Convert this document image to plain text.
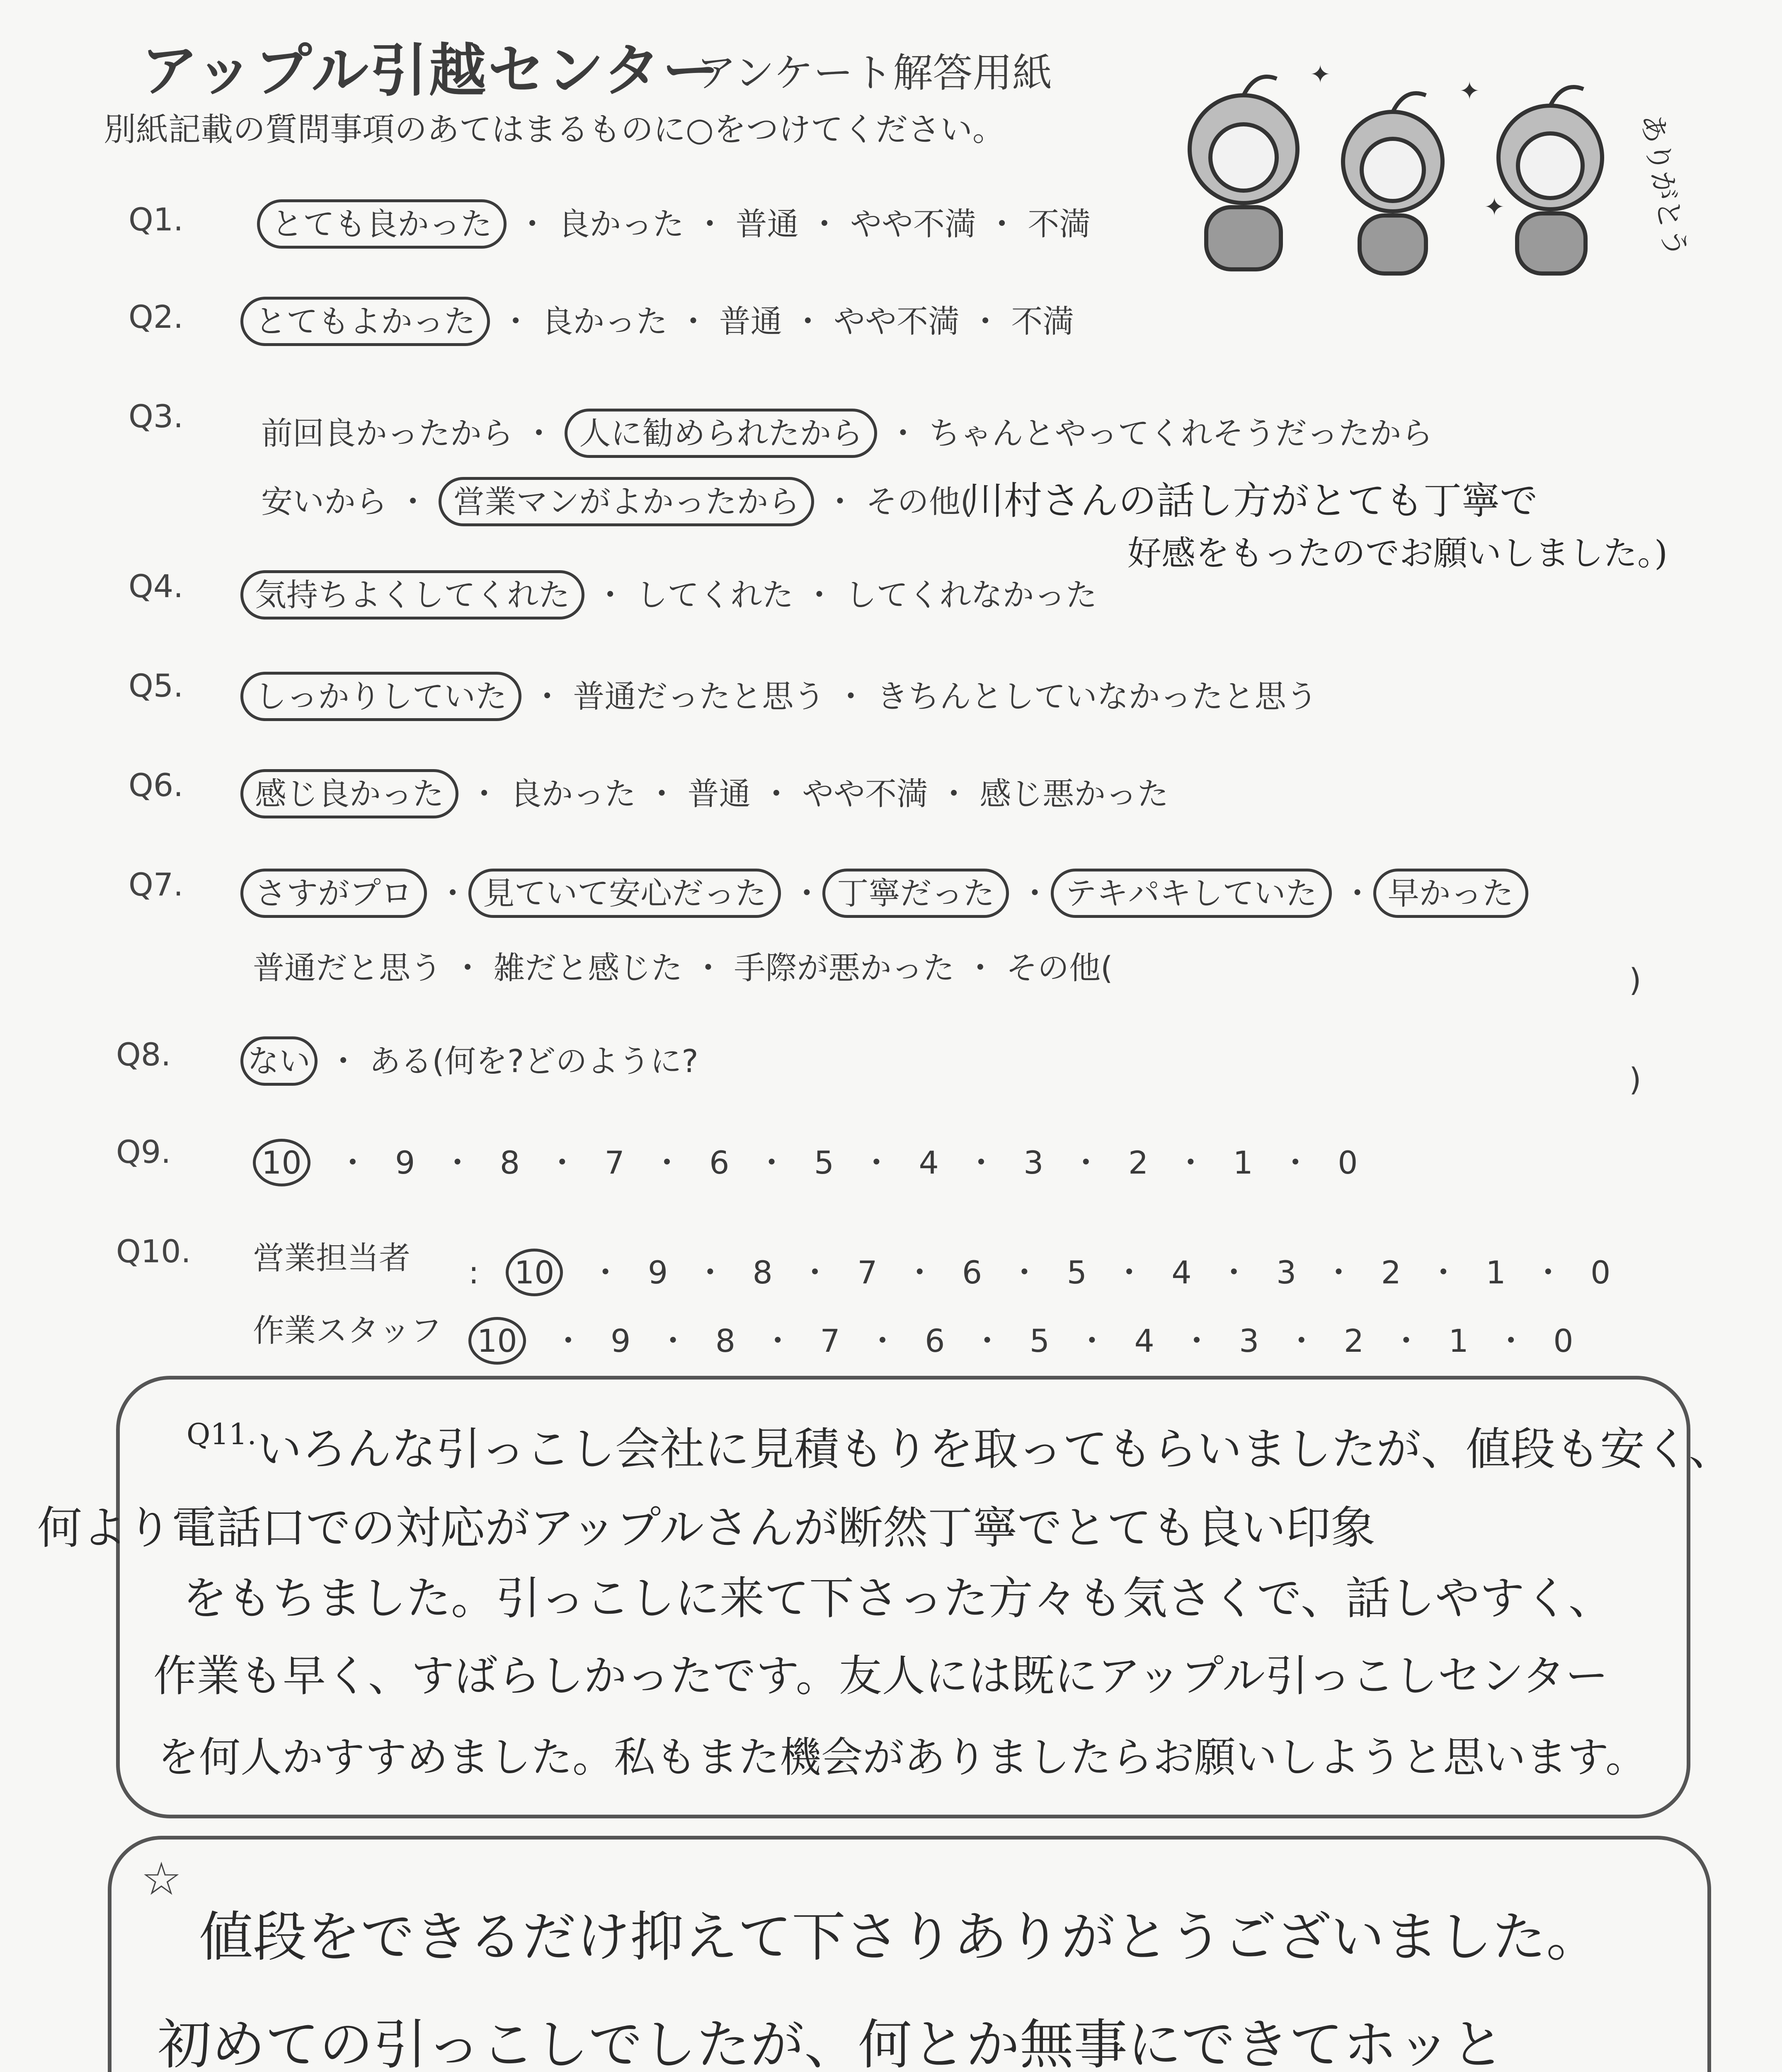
アップル引越センター
アンケート解答用紙
別紙記載の質問事項のあてはまるものに○をつけてください。
✦
✦
✦	ありがとう
Q1.	とても良かった ・ 良かった ・ 普通 ・ やや不満 ・ 不満
Q2.	とてもよかった ・ 良かった ・ 普通 ・ やや不満 ・ 不満
Q3. 前回良かったから ・ 人に勧められたから ・ ちゃんとやってくれそうだったから
安いから ・ 営業マンがよかったから ・ その他(
川村さんの話し方がとても丁寧で
好感をもったのでお願いしました。)
Q4.	気持ちよくしてくれた ・ してくれた ・ してくれなかった
Q5.	しっかりしていた ・ 普通だったと思う ・ きちんとしていなかったと思う
Q6.	感じ良かった ・ 良かった ・ 普通 ・ やや不満 ・ 感じ悪かった
Q7.	さすがプロ ・ 見ていて安心だった ・ 丁寧だった ・ テキパキしていた ・ 早かった
普通だと思う ・ 雑だと感じた ・ 手際が悪かった ・ その他(	)
Q8. ない ・ ある(何を?どのように?	)
Q9.	10 ・ 9 ・ 8 ・ 7 ・ 6 ・ 5 ・ 4 ・ 3 ・ 2 ・ 1 ・ 0
Q10. 営業担当者 : 10 ・ 9 ・ 8 ・ 7 ・ 6 ・ 5 ・ 4 ・ 3 ・ 2 ・ 1 ・ 0
作業スタッフ 10 ・ 9 ・ 8 ・ 7 ・ 6 ・ 5 ・ 4 ・ 3 ・ 2 ・ 1 ・ 0
Q11. いろんな引っこし会社に見積もりを取ってもらいましたが、値段も安く、
何より電話口での対応がアップルさんが断然丁寧でとても良い印象
をもちました。引っこしに来て下さった方々も気さくで、話しやすく、
作業も早く、すばらしかったです。友人には既にアップル引っこしセンター
を何人かすすめました。私もまた機会がありましたらお願いしようと思います。
☆
値段をできるだけ抑えて下さりありがとうございました。
初めての引っこしでしたが、何とか無事にできてホッと
